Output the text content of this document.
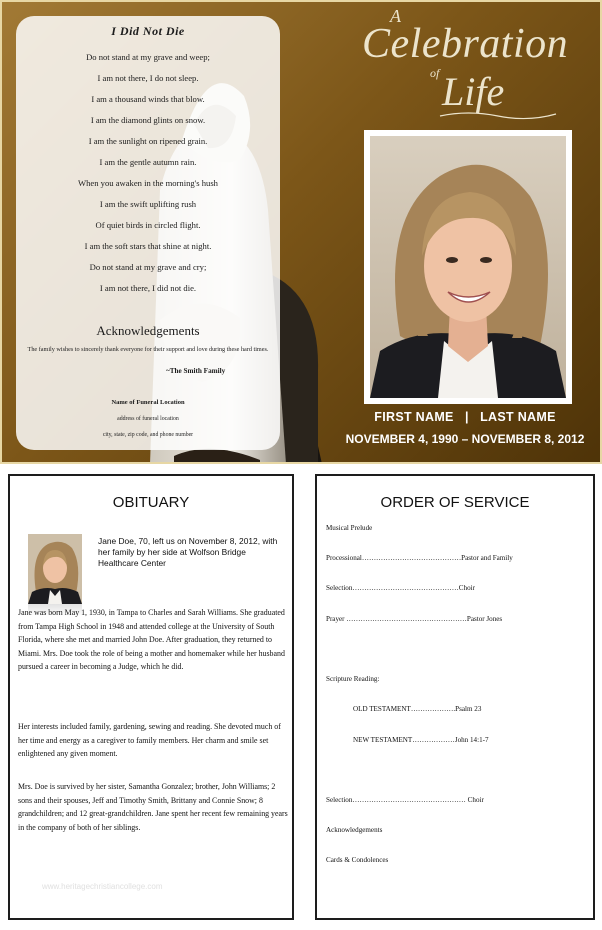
I Did Not Die
Do not stand at my grave and weep;
I am not there, I do not sleep.
I am a thousand winds that blow.
I am the diamond glints on snow.
I am the sunlight on ripened grain.
I am the gentle autumn rain.
When you awaken in the morning's hush
I am the swift uplifting rush
Of quiet birds in circled flight.
I am the soft stars that shine at night.
Do not stand at my grave and cry;
I am not there, I did not die.
Acknowledgements
The family wishes to sincerely thank everyone for their support and love during these hard times.
~The Smith Family
Name of Funeral Location
address of funeral location
city, state, zip code, and phone number
A
Celebration
of Life
FIRST NAME   |   LAST NAME
NOVEMBER 4, 1990 – NOVEMBER 8, 2012
OBITUARY
Jane Doe, 70, left us on November 8, 2012, with her family by her side at Wolfson Bridge Healthcare Center
Jane was born May 1, 1930, in Tampa to Charles and Sarah Williams. She graduated from Tampa High School in 1948 and attended college at the University of South Florida, where she met and married John Doe. After graduation, they returned to Miami. Mrs. Doe took the role of being a mother and homemaker while her husband pursued a career in becoming a Judge, which he did.
Her interests included family, gardening, sewing and reading. She devoted much of her time and energy as a caregiver to family members. Her charm and smile set enlightened any given moment.
Mrs. Doe is survived by her sister, Samantha Gonzalez; brother, John Williams; 2 sons and their spouses, Jeff and Timothy Smith, Brittany and Connie Snow; 8 grandchildren; and 12 great-grandchildren. Jane spent her recent few remaining years in the company of both of her siblings.
www.heritagechristiancollege.com
ORDER OF SERVICE
Musical Prelude
Processional……………………………………Pastor and Family
Selection………………………………………Choir
Prayer ……………………………………………Pastor Jones
Scripture Reading:
OLD TESTAMENT……………….Psalm 23
NEW TESTAMENT………………John 14:1-7
Selection………………………………………… Choir
Acknowledgements
Cards & Condolences
